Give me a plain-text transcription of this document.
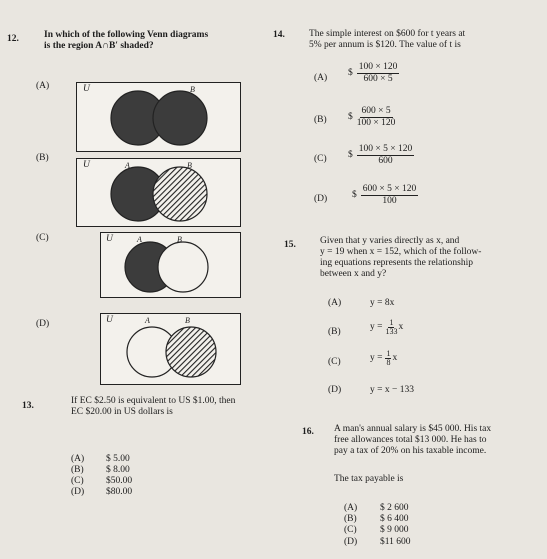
12.	In which of the following Venn diagrams
is the region A∩B′ shaded?
(A)	U	A	B
(B)
U	A	B
(C)	U	A	B
(D)	U	A	B
13.	If EC $2.50 is equivalent to US $1.00, then
EC $20.00 in US dollars is
(A) $ 5.00
(B) $ 8.00
(C) $50.00
(D) $80.00
14.	The simple interest on $600 for t years at
5% per annum is $120. The value of t is
(A) $ $\frac{100 \times 120}{600 \times 5}$
(B) $ $\frac{600 \times 5}{100 \times 120}$
(C) $ $\frac{100 \times 5 \times 120}{600}$
(D)	$ $\frac{600 \times 5 \times 120}{100}$
15.	Given that y varies directly as x, and
y = 19 when x = 152, which of the follow-
ing equations represents the relationship
between x and y?
(A)	y = 8x
(B)	$y = \frac{1}{133}$ x
(C)	$y = \frac{1}{8}$ x
(D)	y = x − 133
16. A man's annual salary is $45 000. His tax
free allowances total $13 000. He has to
pay a tax of 20% on his taxable income.
The tax payable is
(A) $ 2 600
(B) $ 6 400
(C) $ 9 000
(D) $11 600
